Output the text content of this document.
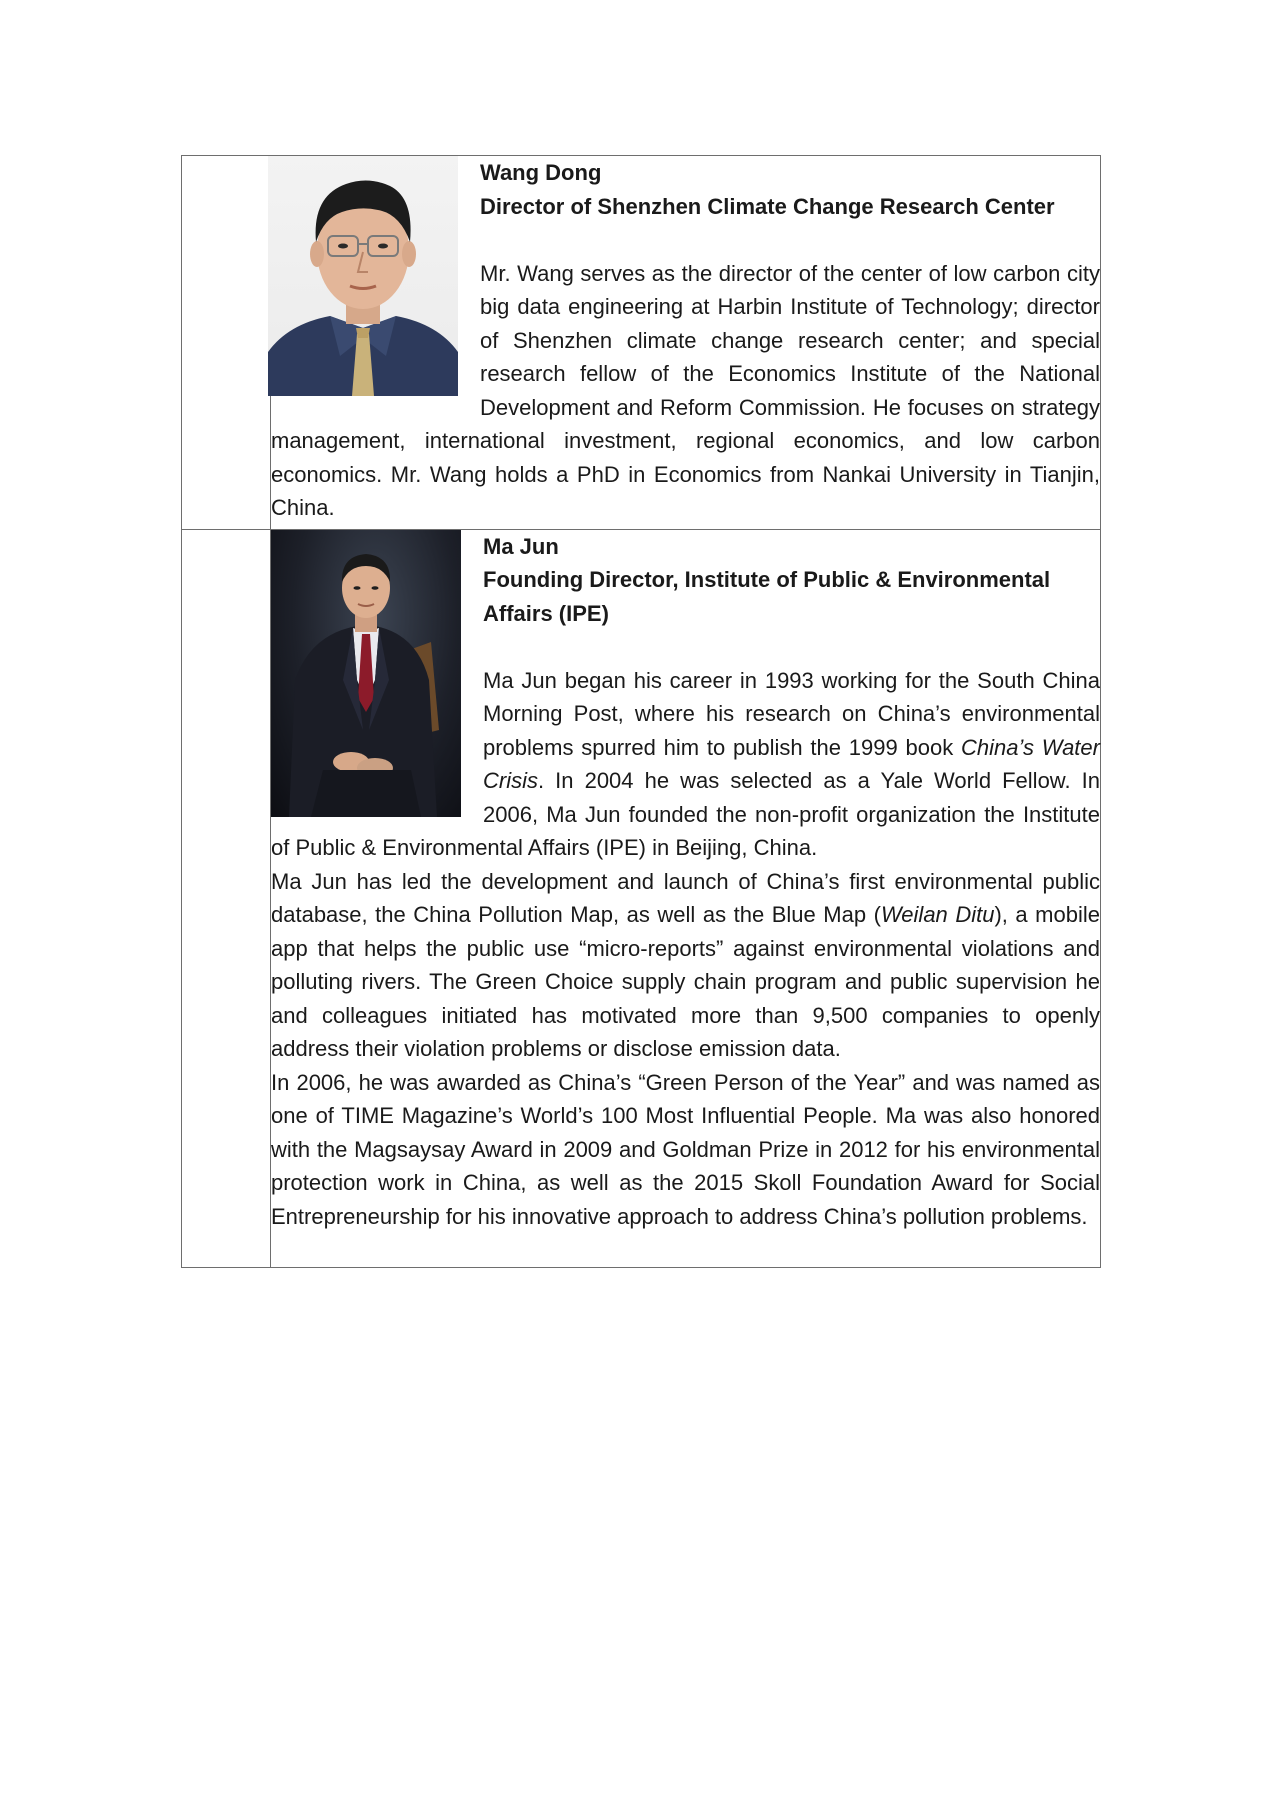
	Wang Dong
Director of Shenzhen Climate Change Research Center

Mr. Wang serves as the director of the center of low carbon city big data engineering at Harbin Institute of Technology; director of Shenzhen climate change research center; and special research fellow of the Economics Institute of the National Development and Reform Commission. He focuses on strategy management, international investment, regional economics, and low carbon economics. Mr. Wang holds a PhD in Economics from Nankai University in Tianjin, China.

	Ma Jun
Founding Director, Institute of Public & Environmental Affairs (IPE)

Ma Jun began his career in 1993 working for the South China Morning Post, where his research on China’s environmental problems spurred him to publish the 1999 book China’s Water Crisis. In 2004 he was selected as a Yale World Fellow. In 2006, Ma Jun founded the non-profit organization the Institute of Public & Environmental Affairs (IPE) in Beijing, China.

Ma Jun has led the development and launch of China’s first environmental public database, the China Pollution Map, as well as the Blue Map (Weilan Ditu), a mobile app that helps the public use “micro-reports” against environmental violations and polluting rivers. The Green Choice supply chain program and public supervision he and colleagues initiated has motivated more than 9,500 companies to openly address their violation problems or disclose emission data.

In 2006, he was awarded as China’s “Green Person of the Year” and was named as one of TIME Magazine’s World’s 100 Most Influential People. Ma was also honored with the Magsaysay Award in 2009 and Goldman Prize in 2012 for his environmental protection work in China, as well as the 2015 Skoll Foundation Award for Social Entrepreneurship for his innovative approach to address China’s pollution problems.
